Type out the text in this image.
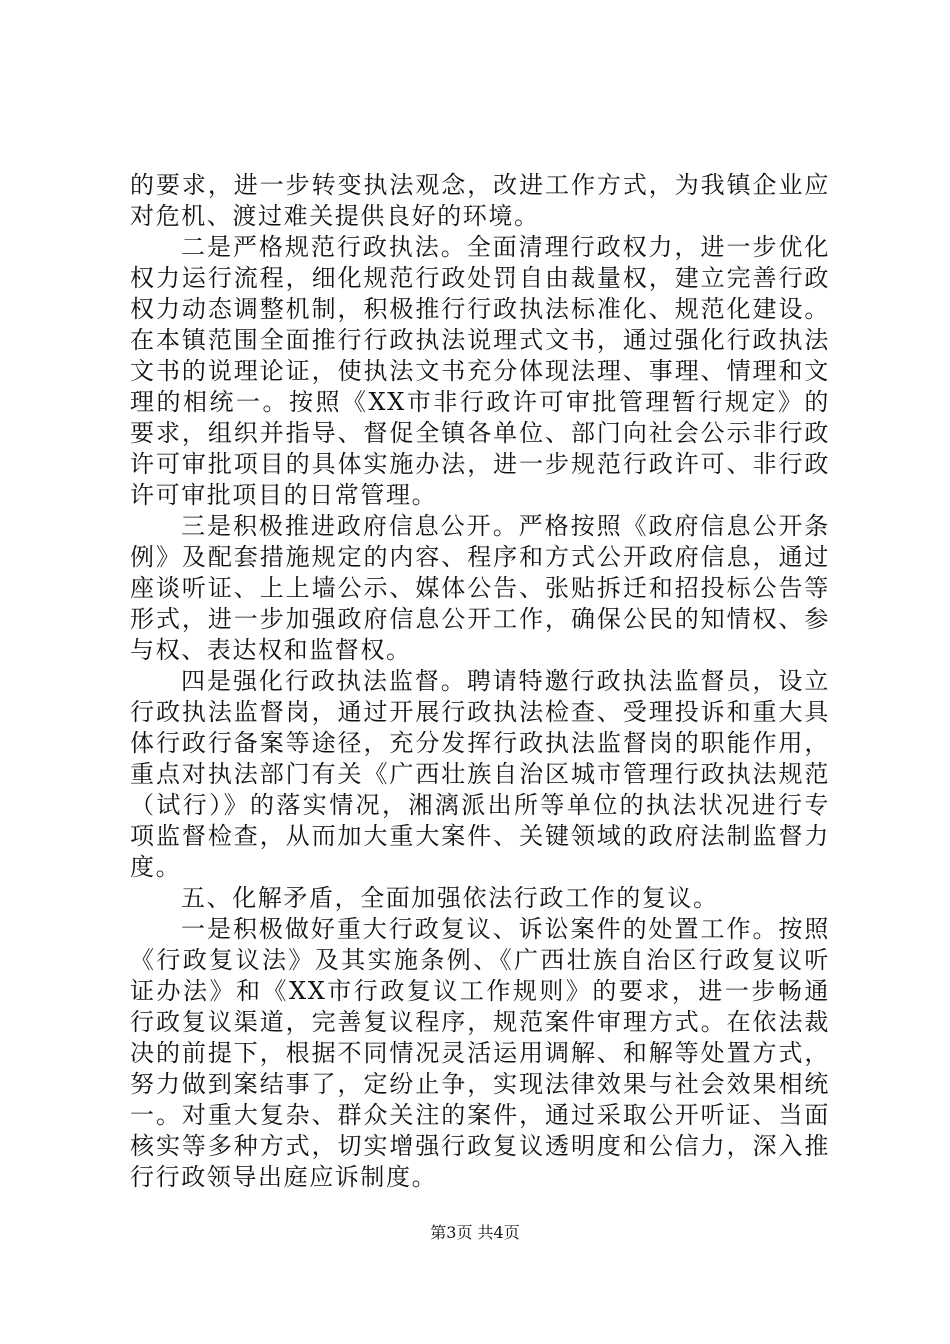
的要求，进一步转变执法观念，改进工作方式，为我镇企业应对危机、渡过难关提供良好的环境。

二是严格规范行政执法。全面清理行政权力，进一步优化权力运行流程，细化规范行政处罚自由裁量权，建立完善行政权力动态调整机制，积极推行行政执法标准化、规范化建设。在本镇范围全面推行行政执法说理式文书，通过强化行政执法文书的说理论证，使执法文书充分体现法理、事理、情理和文理的相统一。按照《XX市非行政许可审批管理暂行规定》的要求，组织并指导、督促全镇各单位、部门向社会公示非行政许可审批项目的具体实施办法，进一步规范行政许可、非行政许可审批项目的日常管理。

三是积极推进政府信息公开。严格按照《政府信息公开条例》及配套措施规定的内容、程序和方式公开政府信息，通过座谈听证、上上墙公示、媒体公告、张贴拆迁和招投标公告等形式，进一步加强政府信息公开工作，确保公民的知情权、参与权、表达权和监督权。

四是强化行政执法监督。聘请特邀行政执法监督员，设立行政执法监督岗，通过开展行政执法检查、受理投诉和重大具体行政行备案等途径，充分发挥行政执法监督岗的职能作用，重点对执法部门有关《广西壮族自治区城市管理行政执法规范（试行）》的落实情况，湘漓派出所等单位的执法状况进行专项监督检查，从而加大重大案件、关键领域的政府法制监督力度。

五、化解矛盾，全面加强依法行政工作的复议。

一是积极做好重大行政复议、诉讼案件的处置工作。按照《行政复议法》及其实施条例、《广西壮族自治区行政复议听证办法》和《XX市行政复议工作规则》的要求，进一步畅通行政复议渠道，完善复议程序，规范案件审理方式。在依法裁决的前提下，根据不同情况灵活运用调解、和解等处置方式，努力做到案结事了，定纷止争，实现法律效果与社会效果相统一。对重大复杂、群众关注的案件，通过采取公开听证、当面核实等多种方式，切实增强行政复议透明度和公信力，深入推行行政领导出庭应诉制度。

第3页 共4页
